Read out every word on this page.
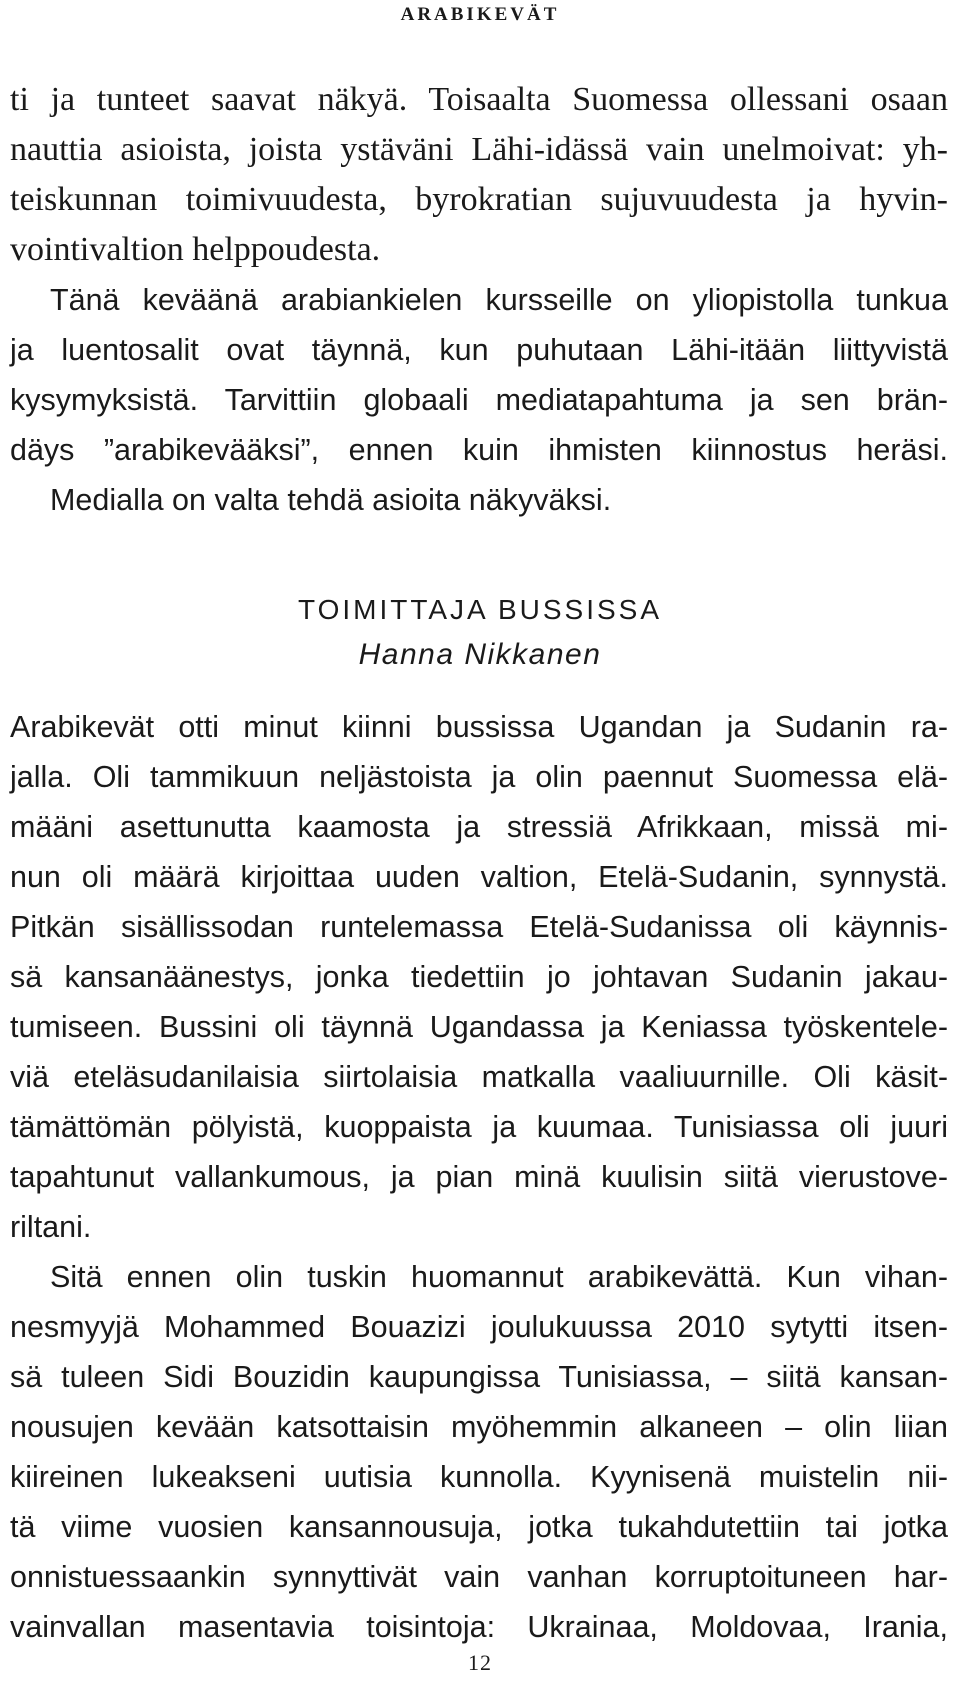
ARABIKEVÄT
ti ja tunteet saavat näkyä. Toisaalta Suomessa ollessani osaan
nauttia asioista, joista ystäväni Lähi-idässä vain unelmoivat: yh-
teiskunnan toimivuudesta, byrokratian sujuvuudesta ja hyvin-
vointivaltion helppoudesta.
Tänä keväänä arabiankielen kursseille on yliopistolla tunkua
ja luentosalit ovat täynnä, kun puhutaan Lähi-itään liittyvistä
kysymyksistä. Tarvittiin globaali mediatapahtuma ja sen brän-
däys ”arabikevääksi”, ennen kuin ihmisten kiinnostus heräsi.
Medialla on valta tehdä asioita näkyväksi.
TOIMITTAJA BUSSISSA
Hanna Nikkanen
Arabikevät otti minut kiinni bussissa Ugandan ja Sudanin ra-
jalla. Oli tammikuun neljästoista ja olin paennut Suomessa elä-
määni asettunutta kaamosta ja stressiä Afrikkaan, missä mi-
nun oli määrä kirjoittaa uuden valtion, Etelä-Sudanin, synnystä.
Pitkän sisällissodan runtelemassa Etelä-Sudanissa oli käynnis-
sä kansanäänestys, jonka tiedettiin jo johtavan Sudanin jakau-
tumiseen. Bussini oli täynnä Ugandassa ja Keniassa työskentele-
viä eteläsudanilaisia siirtolaisia matkalla vaaliuurnille. Oli käsit-
tämättömän pölyistä, kuoppaista ja kuumaa. Tunisiassa oli juuri
tapahtunut vallankumous, ja pian minä kuulisin siitä vierustove-
riltani.
Sitä ennen olin tuskin huomannut arabikevättä. Kun vihan-
nesmyyjä Mohammed Bouazizi joulukuussa 2010 sytytti itsen-
sä tuleen Sidi Bouzidin kaupungissa Tunisiassa, – siitä kansan-
nousujen kevään katsottaisin myöhemmin alkaneen – olin liian
kiireinen lukeakseni uutisia kunnolla. Kyynisenä muistelin nii-
tä viime vuosien kansannousuja, jotka tukahdutettiin tai jotka
onnistuessaankin synnyttivät vain vanhan korruptoituneen har-
vainvallan masentavia toisintoja: Ukrainaa, Moldovaa, Irania,
12
